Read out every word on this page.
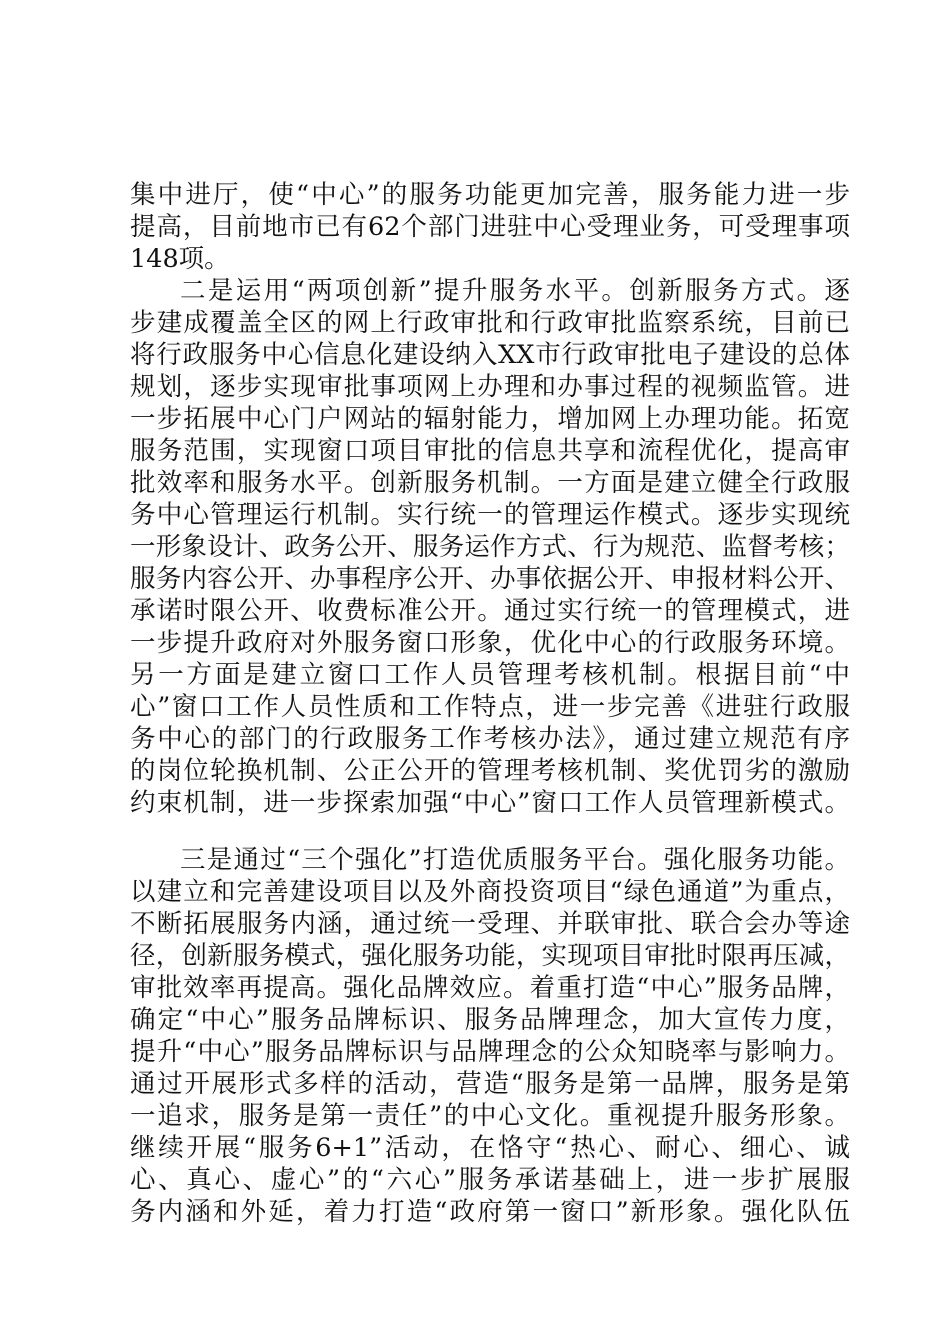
集中进厅，使“中心”的服务功能更加完善，服务能力进一步
提高，目前地市已有62个部门进驻中心受理业务，可受理事项
148项。
二是运用“两项创新”提升服务水平。创新服务方式。逐
步建成覆盖全区的网上行政审批和行政审批监察系统，目前已
将行政服务中心信息化建设纳入XX市行政审批电子建设的总体
规划，逐步实现审批事项网上办理和办事过程的视频监管。进
一步拓展中心门户网站的辐射能力，增加网上办理功能。拓宽
服务范围，实现窗口项目审批的信息共享和流程优化，提高审
批效率和服务水平。创新服务机制。一方面是建立健全行政服
务中心管理运行机制。实行统一的管理运作模式。逐步实现统
一形象设计、政务公开、服务运作方式、行为规范、监督考核；
服务内容公开、办事程序公开、办事依据公开、申报材料公开、
承诺时限公开、收费标准公开。通过实行统一的管理模式，进
一步提升政府对外服务窗口形象，优化中心的行政服务环境。
另一方面是建立窗口工作人员管理考核机制。根据目前“中
心”窗口工作人员性质和工作特点，进一步完善《进驻行政服
务中心的部门的行政服务工作考核办法》，通过建立规范有序
的岗位轮换机制、公正公开的管理考核机制、奖优罚劣的激励
约束机制，进一步探索加强“中心”窗口工作人员管理新模式。
三是通过“三个强化”打造优质服务平台。强化服务功能。
以建立和完善建设项目以及外商投资项目“绿色通道”为重点，
不断拓展服务内涵，通过统一受理、并联审批、联合会办等途
径，创新服务模式，强化服务功能，实现项目审批时限再压减，
审批效率再提高。强化品牌效应。着重打造“中心”服务品牌，
确定“中心”服务品牌标识、服务品牌理念，加大宣传力度，
提升“中心”服务品牌标识与品牌理念的公众知晓率与影响力。
通过开展形式多样的活动，营造“服务是第一品牌，服务是第
一追求，服务是第一责任”的中心文化。重视提升服务形象。
继续开展“服务6+1”活动，在恪守“热心、耐心、细心、诚
心、真心、虚心”的“六心”服务承诺基础上，进一步扩展服
务内涵和外延，着力打造“政府第一窗口”新形象。强化队伍
